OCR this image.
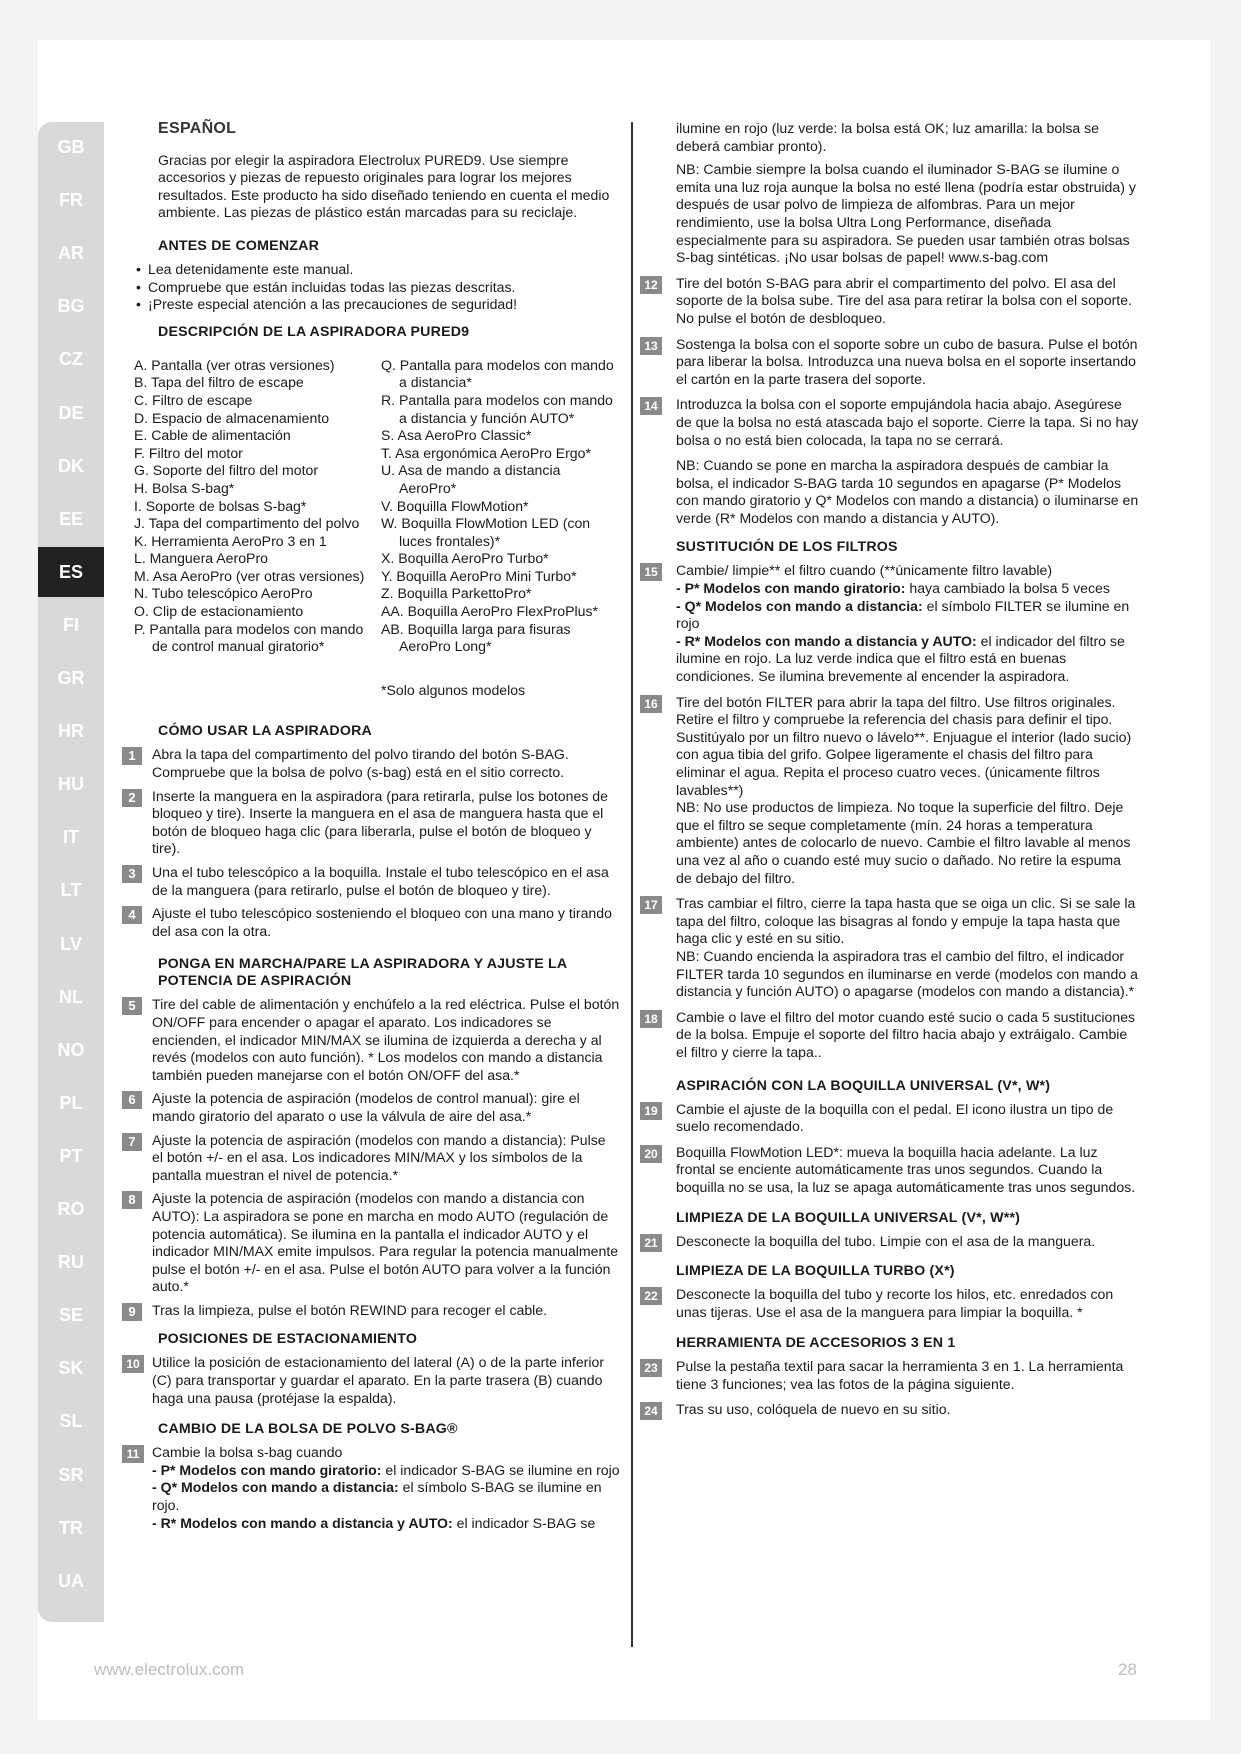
GB
FR
AR
BG
CZ
DE
DK
EE
ES
FI
GR
HR
HU
IT
LT
LV
NL
NO
PL
PT
RO
RU
SE
SK
SL
SR
TR
UA
ESPAÑOL

Gracias por elegir la aspiradora Electrolux PURED9. Use siempre accesorios y piezas de repuesto originales para lograr los mejores resultados. Este producto ha sido diseñado teniendo en cuenta el medio ambiente. Las piezas de plástico están marcadas para su reciclaje.

ANTES DE COMENZAR
• Lea detenidamente este manual.
• Compruebe que están incluidas todas las piezas descritas.
• ¡Preste especial atención a las precauciones de seguridad!
DESCRIPCIÓN DE LA ASPIRADORA PURED9
A. Pantalla (ver otras versiones)
B. Tapa del filtro de escape
C. Filtro de escape
D. Espacio de almacenamiento
E. Cable de alimentación
F. Filtro del motor
G. Soporte del filtro del motor
H. Bolsa S-bag*
I. Soporte de bolsas S-bag*
J. Tapa del compartimento del polvo
K. Herramienta AeroPro 3 en 1
L. Manguera AeroPro
M. Asa AeroPro (ver otras versiones)
N. Tubo telescópico AeroPro
O. Clip de estacionamiento
P. Pantalla para modelos con mando de control manual giratorio*
Q. Pantalla para modelos con mando a distancia*
R. Pantalla para modelos con mando a distancia y función AUTO*
S. Asa AeroPro Classic*
T. Asa ergonómica AeroPro Ergo*
U. Asa de mando a distancia AeroPro*
V. Boquilla FlowMotion*
W. Boquilla FlowMotion LED (con luces frontales)*
X. Boquilla AeroPro Turbo*
Y. Boquilla AeroPro Mini Turbo*
Z. Boquilla ParkettoPro*
AA. Boquilla AeroPro FlexProPlus*
AB. Boquilla larga para fisuras AeroPro Long*
*Solo algunos modelos
CÓMO USAR LA ASPIRADORA
1	Abra la tapa del compartimento del polvo tirando del botón S-BAG. Compruebe que la bolsa de polvo (s-bag) está en el sitio correcto.
2	Inserte la manguera en la aspiradora (para retirarla, pulse los botones de bloqueo y tire). Inserte la manguera en el asa de manguera hasta que el botón de bloqueo haga clic (para liberarla, pulse el botón de bloqueo y tire).
3	Una el tubo telescópico a la boquilla. Instale el tubo telescópico en el asa de la manguera (para retirarlo, pulse el botón de bloqueo y tire).
4	Ajuste el tubo telescópico sosteniendo el bloqueo con una mano y tirando del asa con la otra.
PONGA EN MARCHA/PARE LA ASPIRADORA Y AJUSTE LA POTENCIA DE ASPIRACIÓN
5	Tire del cable de alimentación y enchúfelo a la red eléctrica. Pulse el botón ON/OFF para encender o apagar el aparato. Los indicadores se encienden, el indicador MIN/MAX se ilumina de izquierda a derecha y al revés (modelos con auto función). * Los modelos con mando a distancia también pueden manejarse con el botón ON/OFF del asa.*
6	Ajuste la potencia de aspiración (modelos de control manual): gire el mando giratorio del aparato o use la válvula de aire del asa.*
7	Ajuste la potencia de aspiración (modelos con mando a distancia): Pulse el botón +/- en el asa. Los indicadores MIN/MAX y los símbolos de la pantalla muestran el nivel de potencia.*
8	Ajuste la potencia de aspiración (modelos con mando a distancia con AUTO): La aspiradora se pone en marcha en modo AUTO (regulación de potencia automática). Se ilumina en la pantalla el indicador AUTO y el indicador MIN/MAX emite impulsos. Para regular la potencia manualmente pulse el botón +/- en el asa. Pulse el botón AUTO para volver a la función auto.*
9	Tras la limpieza, pulse el botón REWIND para recoger el cable.
POSICIONES DE ESTACIONAMIENTO
10 Utilice la posición de estacionamiento del lateral (A) o de la parte inferior (C) para transportar y guardar el aparato. En la parte trasera (B) cuando haga una pausa (protéjase la espalda).
CAMBIO DE LA BOLSA DE POLVO S-BAG®
11 Cambie la bolsa s-bag cuando
- P* Modelos con mando giratorio: el indicador S-BAG se ilumine en rojo
- Q* Modelos con mando a distancia: el símbolo S-BAG se ilumine en rojo.
- R* Modelos con mando a distancia y AUTO: el indicador S-BAG se

ilumine en rojo (luz verde: la bolsa está OK; luz amarilla: la bolsa se deberá cambiar pronto).

NB: Cambie siempre la bolsa cuando el iluminador S-BAG se ilumine o emita una luz roja aunque la bolsa no esté llena (podría estar obstruida) y después de usar polvo de limpieza de alfombras. Para un mejor rendimiento, use la bolsa Ultra Long Performance, diseñada especialmente para su aspiradora. Se pueden usar también otras bolsas S-bag sintéticas. ¡No usar bolsas de papel! www.s-bag.com

12	Tire del botón S-BAG para abrir el compartimento del polvo. El asa del soporte de la bolsa sube. Tire del asa para retirar la bolsa con el soporte. No pulse el botón de desbloqueo.
13	Sostenga la bolsa con el soporte sobre un cubo de basura. Pulse el botón para liberar la bolsa. Introduzca una nueva bolsa en el soporte insertando el cartón en la parte trasera del soporte.
14	Introduzca la bolsa con el soporte empujándola hacia abajo. Asegúrese de que la bolsa no está atascada bajo el soporte. Cierre la tapa. Si no hay bolsa o no está bien colocada, la tapa no se cerrará.

NB: Cuando se pone en marcha la aspiradora después de cambiar la bolsa, el indicador S-BAG tarda 10 segundos en apagarse (P* Modelos con mando giratorio y Q* Modelos con mando a distancia) o iluminarse en verde (R* Modelos con mando a distancia y AUTO).

SUSTITUCIÓN DE LOS FILTROS
15	Cambie/ limpie** el filtro cuando (**únicamente filtro lavable)
- P* Modelos con mando giratorio: haya cambiado la bolsa 5 veces
- Q* Modelos con mando a distancia: el símbolo FILTER se ilumine en rojo
- R* Modelos con mando a distancia y AUTO: el indicador del filtro se ilumine en rojo. La luz verde indica que el filtro está en buenas condiciones. Se ilumina brevemente al encender la aspiradora.
16	Tire del botón FILTER para abrir la tapa del filtro. Use filtros originales. Retire el filtro y compruebe la referencia del chasis para definir el tipo. Sustitúyalo por un filtro nuevo o lávelo**. Enjuague el interior (lado sucio) con agua tibia del grifo. Golpee ligeramente el chasis del filtro para eliminar el agua. Repita el proceso cuatro veces. (únicamente filtros lavables**)
NB: No use productos de limpieza. No toque la superficie del filtro. Deje que el filtro se seque completamente (mín. 24 horas a temperatura ambiente) antes de colocarlo de nuevo. Cambie el filtro lavable al menos una vez al año o cuando esté muy sucio o dañado. No retire la espuma de debajo del filtro.
17	Tras cambiar el filtro, cierre la tapa hasta que se oiga un clic. Si se sale la tapa del filtro, coloque las bisagras al fondo y empuje la tapa hasta que haga clic y esté en su sitio.
NB: Cuando encienda la aspiradora tras el cambio del filtro, el indicador FILTER tarda 10 segundos en iluminarse en verde (modelos con mando a distancia y función AUTO) o apagarse (modelos con mando a distancia).*
18	Cambie o lave el filtro del motor cuando esté sucio o cada 5 sustituciones de la bolsa. Empuje el soporte del filtro hacia abajo y extráigalo. Cambie el filtro y cierre la tapa..
ASPIRACIÓN CON LA BOQUILLA UNIVERSAL (V*, W*)
19	Cambie el ajuste de la boquilla con el pedal. El icono ilustra un tipo de suelo recomendado.
20	Boquilla FlowMotion LED*: mueva la boquilla hacia adelante. La luz frontal se enciente automáticamente tras unos segundos. Cuando la boquilla no se usa, la luz se apaga automáticamente tras unos segundos.
LIMPIEZA DE LA BOQUILLA UNIVERSAL (V*, W**)
21	Desconecte la boquilla del tubo. Limpie con el asa de la manguera.
LIMPIEZA DE LA BOQUILLA TURBO (X*)
22	Desconecte la boquilla del tubo y recorte los hilos, etc. enredados con unas tijeras. Use el asa de la manguera para limpiar la boquilla. *
HERRAMIENTA DE ACCESORIOS 3 EN 1
23	Pulse la pestaña textil para sacar la herramienta 3 en 1. La herramienta tiene 3 funciones; vea las fotos de la página siguiente.
24	Tras su uso, colóquela de nuevo en su sitio.
www.electrolux.com	28
